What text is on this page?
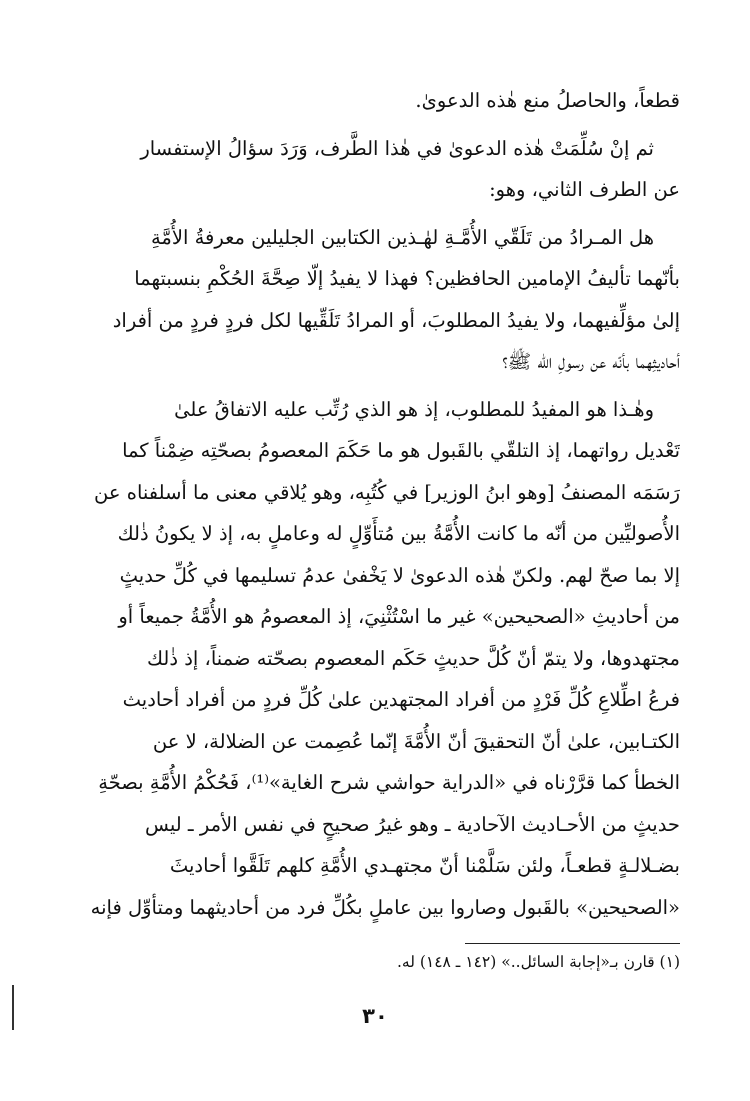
قطعاً، والحاصلُ منع هٰذه الدعوىٰ.
ثم إنْ سُلِّمَتْ هٰذه الدعوىٰ في هٰذا الطَّرف، وَرَدَ سؤالُ الإستفسار
عن الطرف الثاني، وهو:
هل المـرادُ من تَلَقّي الأُمَّـةِ لهٰـذين الكتابين الجليلين معرفةُ الأُمَّةِ
بأنّهما تأليفُ الإمامين الحافظين؟ فهذا لا يفيدُ إلّا صِحَّةَ الحُكْمِ بنسبتهما
إلىٰ مؤلِّفيهما، ولا يفيدُ المطلوبَ، أو المرادُ تَلَقِّيها لكل فردٍ فردٍ من أفراد
أحاديثِهما بأنّه عن رسولِ الله ﷺ؟
وهٰـذا هو المفيدُ للمطلوب، إذ هو الذي رُتِّب عليه الاتفاقُ علىٰ
تَعْديل رواتهما، إذ التلقّي بالقَبول هو ما حَكَمَ المعصومُ بصحّتِه ضِمْناً كما
رَسَمَه المصنفُ [وهو ابنُ الوزير] في كُتُبِه، وهو يُلاقي معنى ما أسلفناه عن
الأُصوليِّين من أنّه ما كانت الأُمَّةُ بين مُتأَوِّلٍ له وعاملٍ به، إذ لا يكونُ ذٰلك
إلا بما صحّ لهم. ولكنّ هٰذه الدعوىٰ لا يَخْفىٰ عدمُ تسليمها في كُلِّ حديثٍ
من أحاديثِ «الصحيحين» غير ما اسْتُثْنِيَ، إذ المعصومُ هو الأُمَّةُ جميعاً أو
مجتهدوها، ولا يتمّ أنّ كُلَّ حديثٍ حَكَم المعصوم بصحّته ضمناً، إذ ذٰلك
فرعُ اطِّلاعِ كُلِّ فَرْدٍ من أفراد المجتهدين علىٰ كُلِّ فردٍ من أفراد أحاديث
الكتـابين، علىٰ أنّ التحقيقَ أنّ الأُمَّةَ إنّما عُصِمت عن الضلالة، لا عن
الخطأ كما قرَّرْناه في «الدراية حواشي شرح الغاية»⁽¹⁾، فَحُكْمُ الأُمَّةِ بصحّةِ
حديثٍ من الأحـاديث الآحادية ـ وهو غيرُ صحيحٍ في نفس الأمر ـ ليس
بضـلالـةٍ قطعـاً، ولئن سَلَّمْنا أنّ مجتهـدي الأُمَّةِ كلهم تَلَقَّوا أحاديثَ
«الصحيحين» بالقَبول وصاروا بين عاملٍ بكُلِّ فرد من أحاديثهما ومتأوِّل فإنه
(١) قارن بـ«إجابة السائل..» (١٤٢ ـ ١٤٨) له.
٣٠
